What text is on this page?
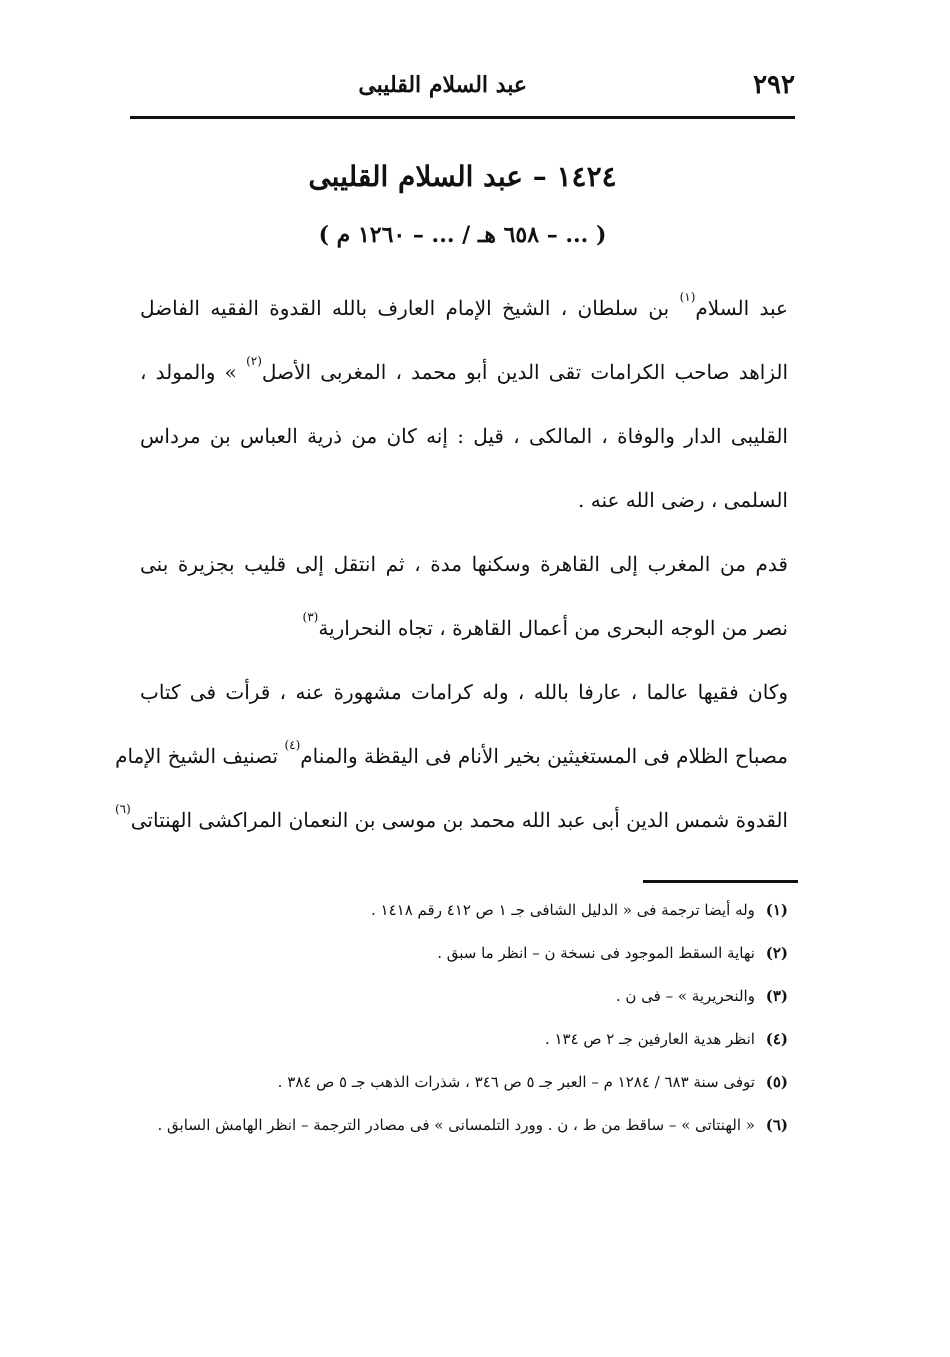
٢٩٢
عبد السلام القليبى
١٤٢٤ – عبد السلام القليبى
( ... – ٦٥٨ هـ / ... – ١٢٦٠ م )
عبد السلام$^{(١)}$ بن سلطان ، الشيخ الإمام العارف بالله القدوة الفقيه الفاضل
الزاهد صاحب الكرامات تقى الدين أبو محمد ، المغربى الأصل$^{(٢)}$ » والمولد ،
القليبى الدار والوفاة ، المالكى ، قيل : إنه كان من ذرية العباس بن مرداس
السلمى ، رضى الله عنه .
قدم من المغرب إلى القاهرة وسكنها مدة ، ثم انتقل إلى قليب بجزيرة بنى
نصر من الوجه البحرى من أعمال القاهرة ، تجاه النحرارية$^{(٣)}$
وكان فقيها عالما ، عارفا بالله ، وله كرامات مشهورة عنه ، قرأت فى كتاب
مصباح الظلام فى المستغيثين بخير الأنام فى اليقظة والمنام$^{(٤)}$ تصنيف الشيخ الإمام
القدوة شمس الدين أبى عبد الله محمد بن موسى بن النعمان المراكشى الهنتاتى$^{(٦)}$
(١) وله أيضا ترجمة فى « الدليل الشافى جـ ١ ص ٤١٢ رقم ١٤١٨ .
(٢) نهاية السقط الموجود فى نسخة ن – انظر ما سبق .
(٣) والنحريرية » – فى ن .
(٤) انظر هدية العارفين جـ ٢ ص ١٣٤ .
(٥) توفى سنة ٦٨٣ / ١٢٨٤ م – العبر جـ ٥ ص ٣٤٦ ، شذرات الذهب جـ ٥ ص ٣٨٤ .
(٦) « الهنتاتى » – ساقط من ط ، ن . وورد التلمسانى » فى مصادر الترجمة – انظر الهامش السابق .
